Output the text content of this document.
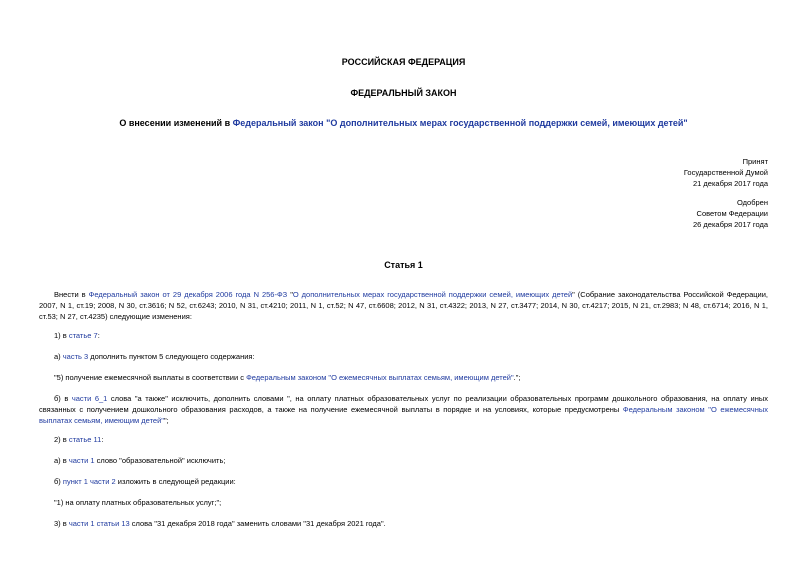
РОССИЙСКАЯ ФЕДЕРАЦИЯ
ФЕДЕРАЛЬНЫЙ ЗАКОН
О внесении изменений в Федеральный закон "О дополнительных мерах государственной поддержки семей, имеющих детей"
Принят
Государственной Думой
21 декабря 2017 года
Одобрен
Советом Федерации
26 декабря 2017 года
Статья 1
Внести в Федеральный закон от 29 декабря 2006 года N 256-ФЗ "О дополнительных мерах государственной поддержки семей, имеющих детей" (Собрание законодательства Российской Федерации, 2007, N 1, ст.19; 2008, N 30, ст.3616; N 52, ст.6243; 2010, N 31, ст.4210; 2011, N 1, ст.52; N 47, ст.6608; 2012, N 31, ст.4322; 2013, N 27, ст.3477; 2014, N 30, ст.4217; 2015, N 21, ст.2983; N 48, ст.6714; 2016, N 1, ст.53; N 27, ст.4235) следующие изменения:
1) в статье 7:
а) часть 3 дополнить пунктом 5 следующего содержания:
"5) получение ежемесячной выплаты в соответствии с Федеральным законом "О ежемесячных выплатах семьям, имеющим детей".";
б) в части 6_1 слова "а также" исключить, дополнить словами ", на оплату платных образовательных услуг по реализации образовательных программ дошкольного образования, на оплату иных связанных с получением дошкольного образования расходов, а также на получение ежемесячной выплаты в порядке и на условиях, которые предусмотрены Федеральным законом "О ежемесячных выплатах семьям, имеющим детей"";
2) в статье 11:
а) в части 1 слово "образовательной" исключить;
б) пункт 1 части 2 изложить в следующей редакции:
"1) на оплату платных образовательных услуг;";
3) в части 1 статьи 13 слова "31 декабря 2018 года" заменить словами "31 декабря 2021 года".
